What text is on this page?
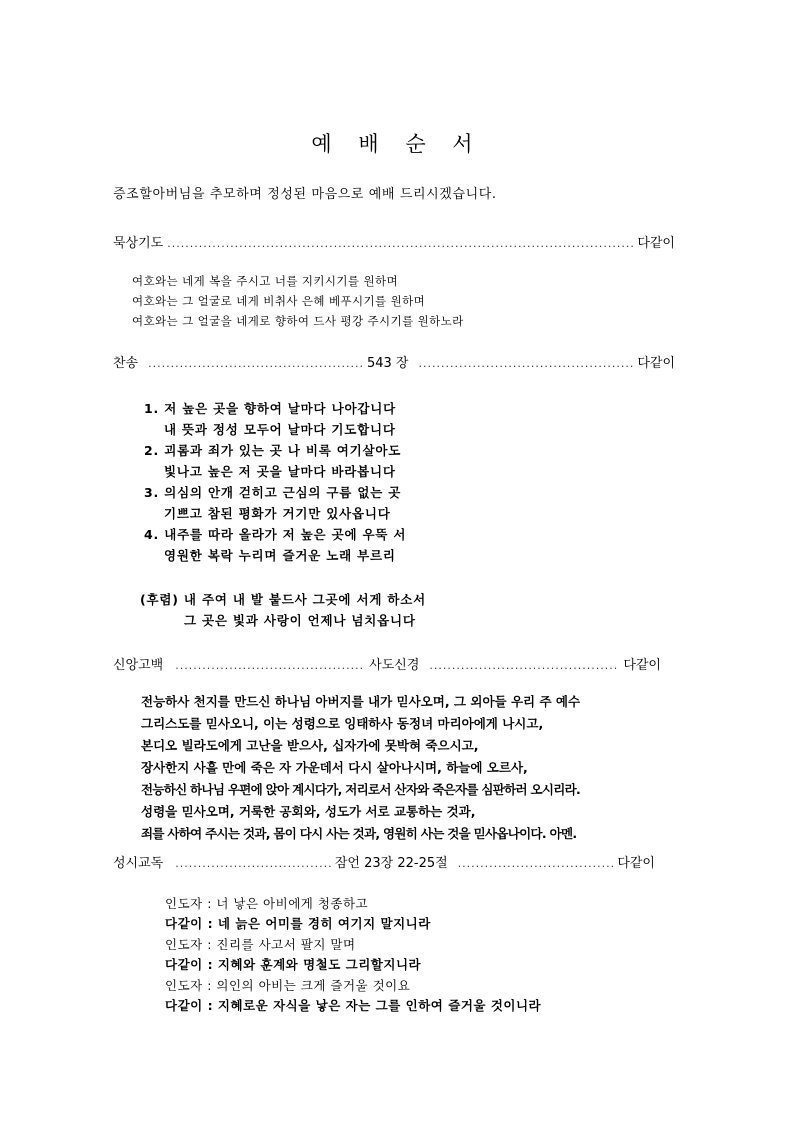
예 배 순 서
증조할아버님을 추모하며 정성된 마음으로 예배 드리시겠습니다.
묵상기도 .....	다같이
여호와는 네게 복을 주시고 너를 지키시기를 원하며
여호와는 그 얼굴로 네게 비취사 은혜 베푸시기를 원하며
여호와는 그 얼굴을 네게로 향하여 드사 평강 주시기를 원하노라
찬송 .....	543 장 .....	다같이
1. 저 높은 곳을 향하여 날마다 나아갑니다
내 뜻과 정성 모두어 날마다 기도합니다
2. 괴롬과 죄가 있는 곳 나 비록 여기살아도
빛나고 높은 저 곳을 날마다 바라봅니다
3. 의심의 안개 걷히고 근심의 구름 없는 곳
기쁘고 참된 평화가 거기만 있사옵니다
4. 내주를 따라 올라가 저 높은 곳에 우뚝 서
영원한 복락 누리며 즐거운 노래 부르리
(후렴) 내 주여 내 발 붙드사 그곳에 서게 하소서
그 곳은 빛과 사랑이 언제나 넘치옵니다
신앙고백 .....	사도신경 .....	다같이
전능하사 천지를 만드신 하나님 아버지를 내가 믿사오며, 그 외아들 우리 주 예수
그리스도를 믿사오니, 이는 성령으로 잉태하사 동정녀 마리아에게 나시고,
본디오 빌라도에게 고난을 받으사, 십자가에 못박혀 죽으시고,
장사한지 사흘 만에 죽은 자 가운데서 다시 살아나시며, 하늘에 오르사,
전능하신 하나님 우편에 앉아 계시다가, 저리로서 산자와 죽은자를 심판하러 오시리라.
성령을 믿사오며, 거룩한 공회와, 성도가 서로 교통하는 것과,
죄를 사하여 주시는 것과, 몸이 다시 사는 것과, 영원히 사는 것을 믿사옵나이다. 아멘.
성시교독 .....	잠언 23장 22-25절 .....	다같이
인도자 : 너 낳은 아비에게 청종하고
다같이 : 네 늙은 어미를 경히 여기지 말지니라
인도자 : 진리를 사고서 팔지 말며
다같이 : 지혜와 훈계와 명철도 그리할지니라
인도자 : 의인의 아비는 크게 즐거울 것이요
다같이 : 지혜로운 자식을 낳은 자는 그를 인하여 즐거울 것이니라
